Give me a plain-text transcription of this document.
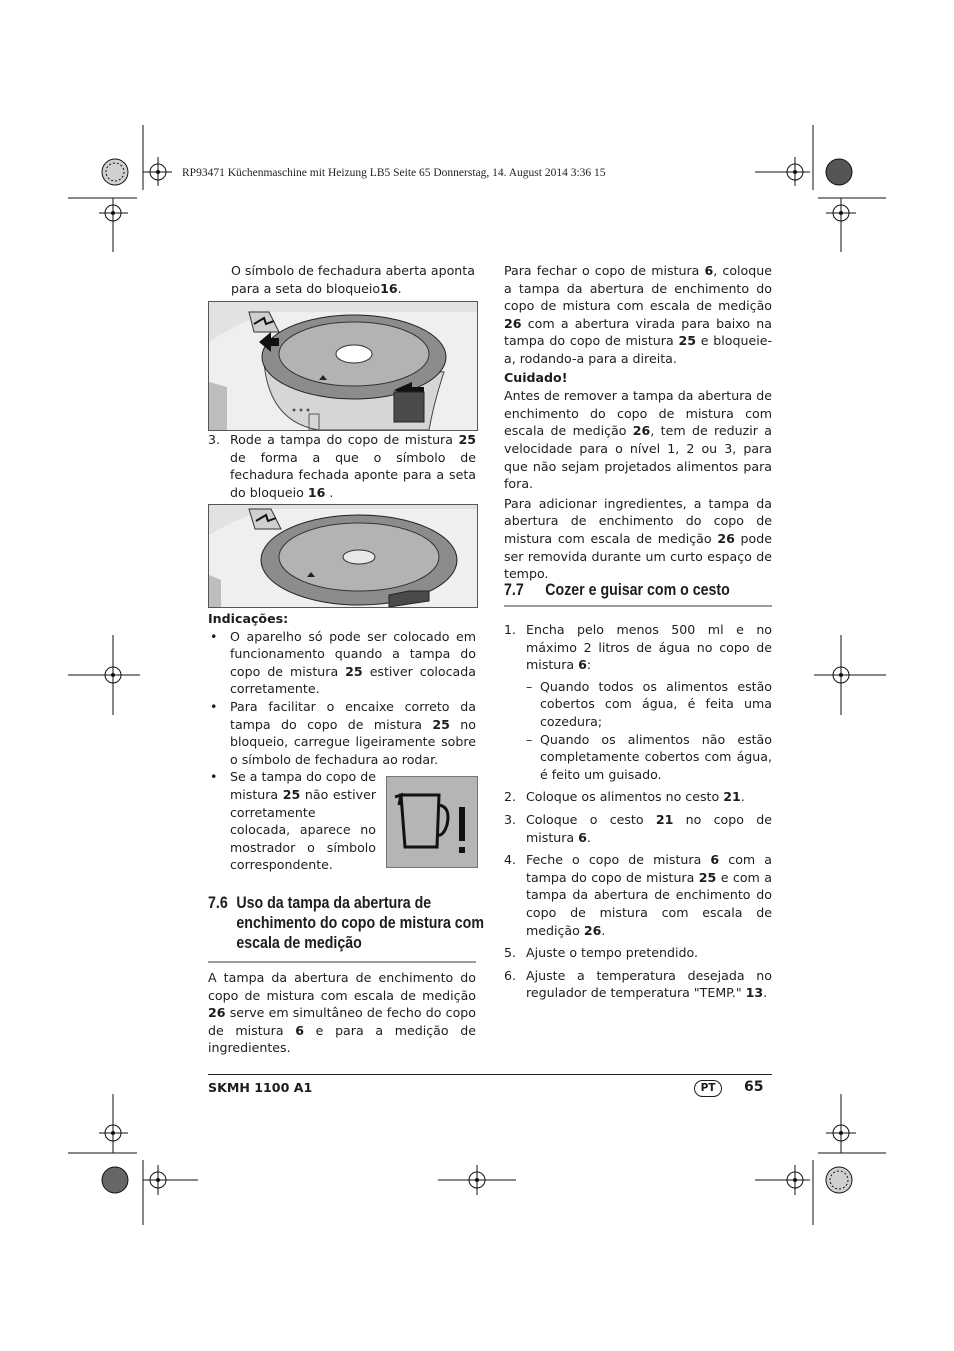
RP93471 Küchenmaschine mit Heizung LB5 Seite 65 Donnerstag, 14. August 2014 3:36 15

O símbolo de fechadura aberta aponta
para a seta do bloqueio16.

3. Rode a tampa do copo de mistura 25 de forma a que o símbolo de fechadura fechada aponte para a seta do bloqueio 16 .

Indicações:

• O aparelho só pode ser colocado em funcionamento quando a tampa do copo de mistura 25 estiver colocada corretamente.

• Para facilitar o encaixe correto da tampa do copo de mistura 25 no bloqueio, carregue ligeiramente sobre o símbolo de fechadura ao rodar.

• Se a tampa do copo de mistura 25 não estiver corretamente colocada, aparece no mostrador o símbolo correspondente.

7.6 Uso da tampa da abertura de
enchimento do copo de mistura com
escala de medição

A tampa da abertura de enchimento do copo de mistura com escala de medição 26 serve em simultâneo de fecho do copo de mistura 6 e para a medição de ingredientes.

Para fechar o copo de mistura 6, coloque a tampa da abertura de enchimento do copo de mistura com escala de medição 26 com a abertura virada para baixo na tampa do copo de mistura 25 e bloqueie-a, rodando-a para a direita.

Cuidado!

Antes de remover a tampa da abertura de enchimento do copo de mistura com escala de medição 26, tem de reduzir a velocidade para o nível 1, 2 ou 3, para que não sejam projetados alimentos para fora.

Para adicionar ingredientes, a tampa da abertura de enchimento do copo de mistura com escala de medição 26 pode ser removida durante um curto espaço de tempo.

7.7 Cozer e guisar com o cesto

1. Encha pelo menos 500 ml e no máximo 2 litros de água no copo de mistura 6:

– Quando todos os alimentos estão cobertos com água, é feita uma cozedura;

– Quando os alimentos não estão completamente cobertos com água, é feito um guisado.

2. Coloque os alimentos no cesto 21.

3. Coloque o cesto 21 no copo de mistura 6.

4. Feche o copo de mistura 6 com a tampa do copo de mistura 25 e com a tampa da abertura de enchimento do copo de mistura com escala de medição 26.

5. Ajuste o tempo pretendido.

6. Ajuste a temperatura desejada no regulador de temperatura "TEMP." 13.

SKMH 1100 A1	PT	65
